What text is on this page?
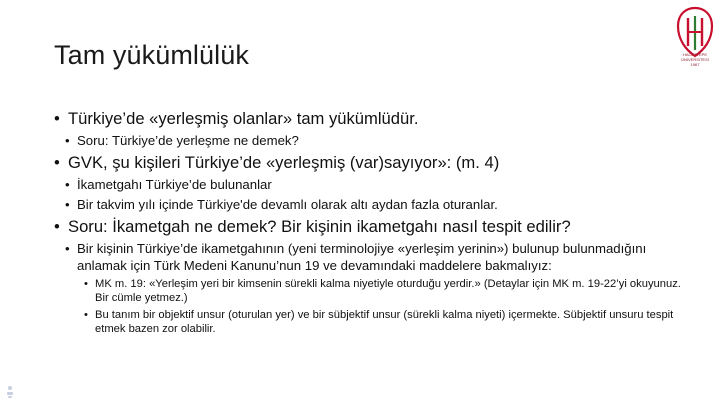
Tam yükümlülük	HACETTEPE
ÜNİVERSİTESİ
1967
• Türkiye’de «yerleşmiş olanlar» tam yükümlüdür.
• Soru: Türkiye’de yerleşme ne demek?
• GVK, şu kişileri Türkiye’de «yerleşmiş (var)sayıyor»: (m. 4)
• İkametgahı Türkiye’de bulunanlar
• Bir takvim yılı içinde Türkiye'de devamlı olarak altı aydan fazla oturanlar.
• Soru: İkametgah ne demek? Bir kişinin ikametgahı nasıl tespit edilir?
• Bir kişinin Türkiye’de ikametgahının (yeni terminolojiye «yerleşim yerinin») bulunup bulunmadığını anlamak için Türk Medeni Kanunu’nun 19 ve devamındaki maddelere bakmalıyız:
• MK m. 19: «Yerleşim yeri bir kimsenin sürekli kalma niyetiyle oturduğu yerdir.» (Detaylar için MK m. 19-22’yi okuyunuz. Bir cümle yetmez.)
• Bu tanım bir objektif unsur (oturulan yer) ve bir sübjektif unsur (sürekli kalma niyeti) içermekte. Sübjektif unsuru tespit etmek bazen zor olabilir.
